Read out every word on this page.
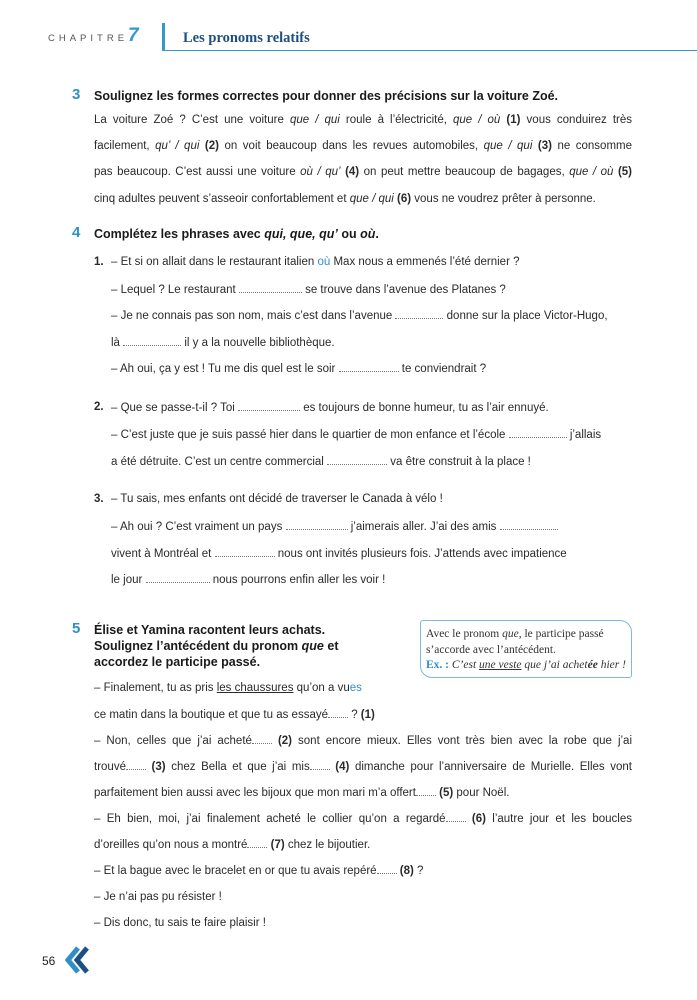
CHAPITRE 7	Les pronoms relatifs
3 Soulignez les formes correctes pour donner des précisions sur la voiture Zoé.
La voiture Zoé ? C’est une voiture que / qui roule à l’électricité, que / où (1) vous conduirez très
facilement, qu’ / qui (2) on voit beaucoup dans les revues automobiles, que / qui (3) ne consomme
pas beaucoup. C’est aussi une voiture où / qu’ (4) on peut mettre beaucoup de bagages, que / où (5)
cinq adultes peuvent s’asseoir confortablement et que / qui (6) vous ne voudrez prêter à personne.
4 Complétez les phrases avec qui, que, qu’ ou où.
1. – Et si on allait dans le restaurant italien où Max nous a emmenés l’été dernier ?
– Lequel ? Le restaurant	se trouve dans l’avenue des Platanes ?
– Je ne connais pas son nom, mais c’est dans l’avenue	donne sur la place Victor-Hugo,
là	il y a la nouvelle bibliothèque.
– Ah oui, ça y est ! Tu me dis quel est le soir	te conviendrait ?
2. – Que se passe-t-il ? Toi	es toujours de bonne humeur, tu as l’air ennuyé.
– C’est juste que je suis passé hier dans le quartier de mon enfance et l’école	j’allais
a été détruite. C’est un centre commercial	va être construit à la place !
3. – Tu sais, mes enfants ont décidé de traverser le Canada à vélo !
– Ah oui ? C’est vraiment un pays	j’aimerais aller. J’ai des amis
vivent à Montréal et	nous ont invités plusieurs fois. J’attends avec impatience
le jour	nous pourrons enfin aller les voir !
5 Élise et Yamina racontent leurs achats.
Soulignez l’antécédent du pronom que et
accordez le participe passé.
Avec le pronom que, le participe passé
s’accorde avec l’antécédent.
Ex. : C’est une veste que j’ai achetée hier !
– Finalement, tu as pris les chaussures qu’on a vues
ce matin dans la boutique et que tu as essayé ? (1)
– Non, celles que j’ai acheté (2) sont encore mieux. Elles vont très bien avec la robe que j’ai
trouvé (3) chez Bella et que j’ai mis (4) dimanche pour l’anniversaire de Murielle. Elles vont
parfaitement bien aussi avec les bijoux que mon mari m’a offert (5) pour Noël.
– Eh bien, moi, j’ai finalement acheté le collier qu’on a regardé (6) l’autre jour et les boucles
d’oreilles qu’on nous a montré (7) chez le bijoutier.
– Et la bague avec le bracelet en or que tu avais repéré (8) ?
– Je n’ai pas pu résister !
– Dis donc, tu sais te faire plaisir !
56
